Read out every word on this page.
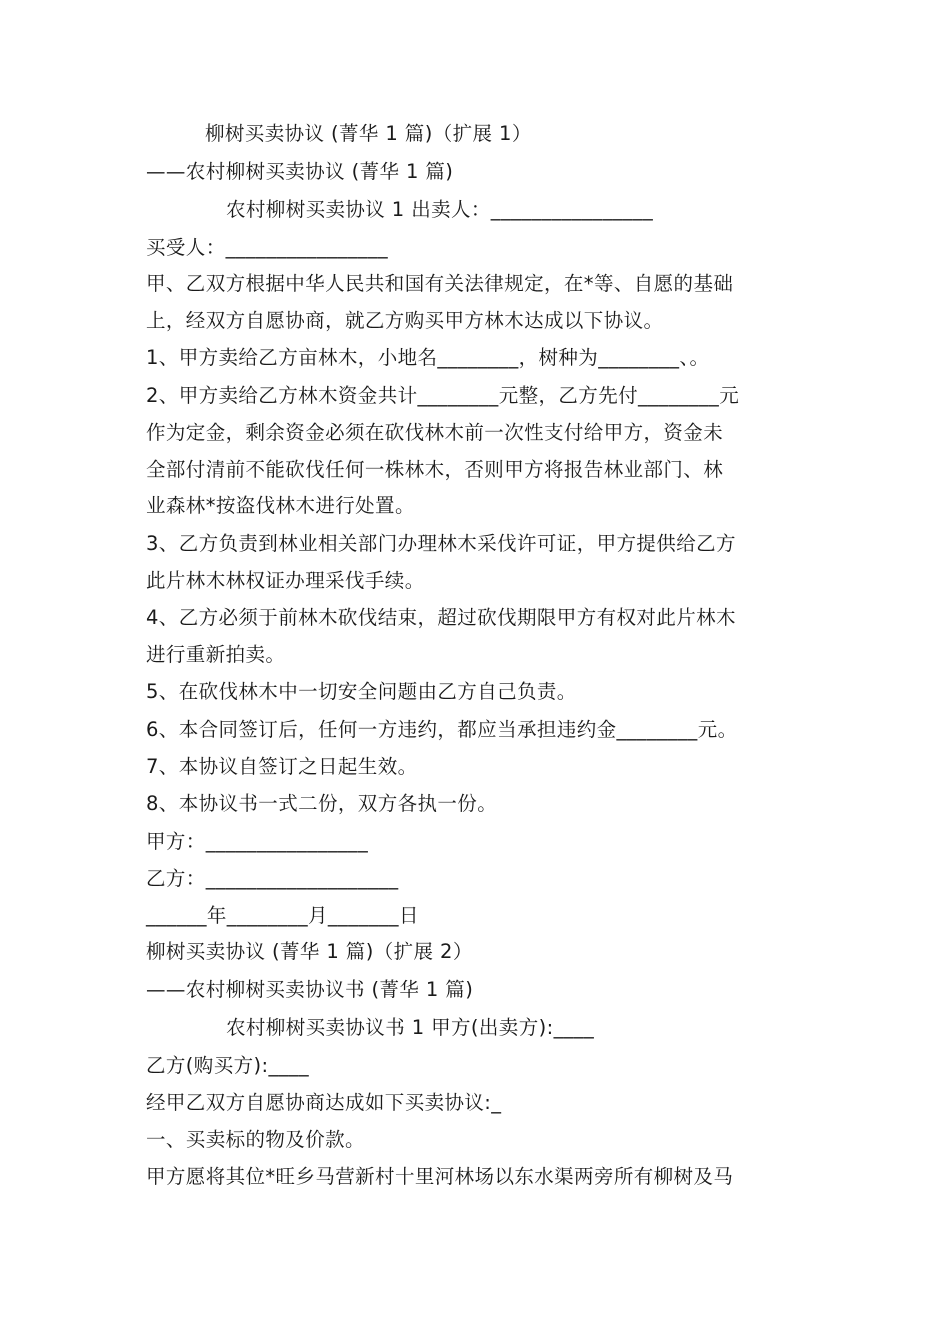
柳树买卖协议 (菁华 1 篇)（扩展 1）
——农村柳树买卖协议 (菁华 1 篇)
农村柳树买卖协议 1 出卖人：________________
买受人：________________
甲、乙双方根据中华人民共和国有关法律规定，在*等、自愿的基础
上，经双方自愿协商，就乙方购买甲方林木达成以下协议。
1、甲方卖给乙方亩林木，小地名________，树种为________、。
2、甲方卖给乙方林木资金共计________元整，乙方先付________元
作为定金，剩余资金必须在砍伐林木前一次性支付给甲方，资金未
全部付清前不能砍伐任何一株林木，否则甲方将报告林业部门、林
业森林*按盗伐林木进行处置。
3、乙方负责到林业相关部门办理林木采伐许可证，甲方提供给乙方
此片林木林权证办理采伐手续。
4、乙方必须于前林木砍伐结束，超过砍伐期限甲方有权对此片林木
进行重新拍卖。
5、在砍伐林木中一切安全问题由乙方自己负责。
6、本合同签订后，任何一方违约，都应当承担违约金________元。
7、本协议自签订之日起生效。
8、本协议书一式二份，双方各执一份。
甲方：________________
乙方：___________________
______年________月_______日
柳树买卖协议 (菁华 1 篇)（扩展 2）
——农村柳树买卖协议书 (菁华 1 篇)
农村柳树买卖协议书 1 甲方(出卖方):____
乙方(购买方):____
经甲乙双方自愿协商达成如下买卖协议:_
一、买卖标的物及价款。
甲方愿将其位*旺乡马营新村十里河林场以东水渠两旁所有柳树及马
